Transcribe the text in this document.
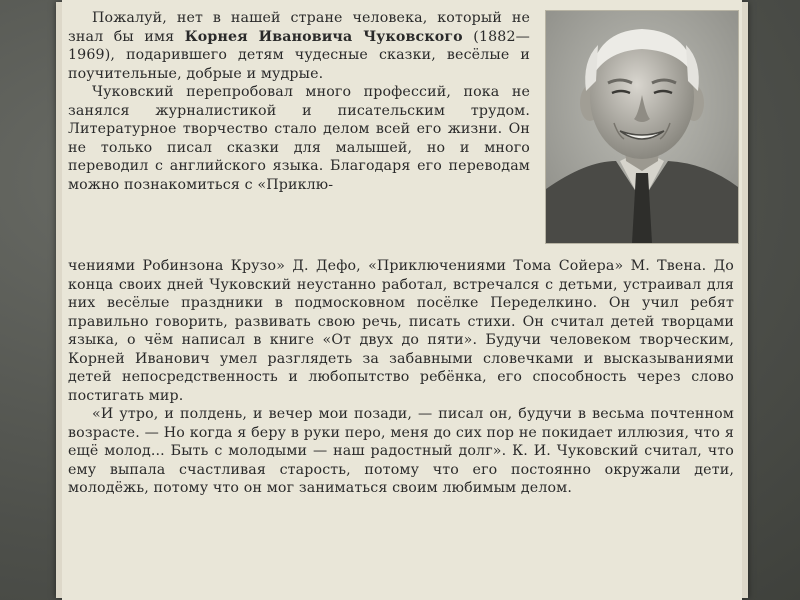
Пожалуй, нет в нашей стране человека, который не знал бы имя Корнея Ивановича Чуковского (1882—1969), подарившего детям чудесные сказки, весёлые и поучительные, добрые и мудрые.

Чуковский перепробовал много профессий, пока не занялся журналистикой и писательским трудом. Литературное творчество стало делом всей его жизни. Он не только писал сказки для малышей, но и много переводил с английского языка. Благодаря его переводам можно познакомиться с «Приклю-

чениями Робинзона Крузо» Д. Дефо, «Приключениями Тома Сойера» М. Твена. До конца своих дней Чуковский неустанно работал, встречался с детьми, устраивал для них весёлые праздники в подмосковном посёлке Переделкино. Он учил ребят правильно говорить, развивать свою речь, писать стихи. Он считал детей творцами языка, о чём написал в книге «От двух до пяти». Будучи человеком творческим, Корней Иванович умел разглядеть за забавными словечками и высказываниями детей непосредственность и любопытство ребёнка, его способность через слово постигать мир.

«И утро, и полдень, и вечер мои позади, — писал он, будучи в весьма почтенном возрасте. — Но когда я беру в руки перо, меня до сих пор не покидает иллюзия, что я ещё молод... Быть с молодыми — наш радостный долг». К. И. Чуковский считал, что ему выпала счастливая старость, потому что его постоянно окружали дети, молодёжь, потому что он мог заниматься своим любимым делом.
